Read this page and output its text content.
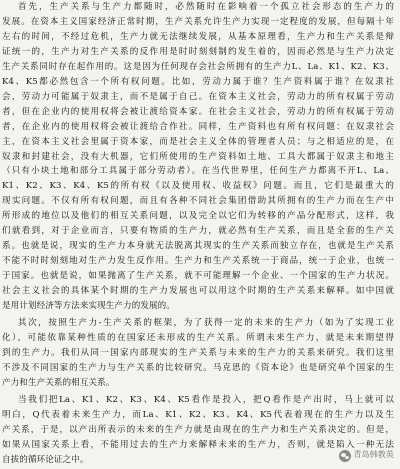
首先，生产关系与生产力都随时，必然随时在影响着一个孤立社会形态的生产力的
发展。在资本主义国家经济正常时期，生产关系允许生产力实现一定程度的发展，但每隔十年
左右的时间，不经过危机，生产力就无法继续发展，从基本原理看，生产力和生产关系是辩
证统一的，生产力对生产关系的反作用是时时刻刻制约发生着的，因而必然是与生产力决定
生产关系同时存在起作用的。这是因为任何现存会社会所拥有的生产力L、La、K1、K2、K3、
K4、K5都必然包含一个所有权问题。比如，劳动力属于谁？生产资料属于谁？在奴隶社
会，劳动力可能属于奴隶主，而不是属于自己。在资本主义社会，劳动力的所有权属于劳动
者，但在企业内的使用权将会被让渡给资本家。在社会主义社会，劳动力的所有权属于劳动
者，在企业内的使用权将会被让渡给合作社。同样，生产资料也有所有权问题：在奴隶社会
主，在资本主义社会里属于资本家，而是社会主义全体的管理者人员；与之相适应的是，在
奴隶和封建社会，没有大机器，它们所使用的生产资料如土地、工具大都属于奴隶主和地主
（只有小块土地和部分工具属于部分劳动者）。在当代世界里，任何生产力都离不开L、La、
K1、K2、K3、K4、K5的所有权《以及使用权、收益权》问题。而且，它们是最重大的
现实问题。不仅有所有权问题，而且有各种不同社会集团借助其所拥有的生产力而在生产中
所形成的地位以及他们的相互关系问题，以及完全以它们为转移的产品分配形式，这样，我
们就看到，对于企业而言，只要有物质的生产力，就必然有生产关系，而且是全套的生产关
系。也就是说，现实的生产力本身就无法脱离其现实的生产关系而独立存在，也就是生产关系
不能不时时刻刻地对生产力发生反作用。生产力和生产关系统一于商品，统一于企业，也统一
于国家。也就是说，如果抛离了生产关系，就不可能理解一个企业、一个国家的生产力状况。
社会主义社会的具体某个时期的生产力发展也可以用这个时期的生产关系来解释。如中国就
是用计划经济等方法来实现生产力的发展的。
其次，按照生产力-生产关系的框架，为了获得一定的未来的生产力（如为了实现工业
化），可能依靠某种性质的在国家还未形成的生产关系。所谓未来生产力，就是未来期望得
到的生产力。我们从同一国家内部现实的生产关系与未来的生产力的关系来研究。我们这里
不涉及不同国家的生产力与生产关系的比较研究。马克思的《资本论》也是研究单个国家的生
产力和生产关系的相互关系。
当我们把La、K1、K2、K3、K4、K5看作是投入，把Q看作是产出时，马上就可以
明白，Q代表着未来生产力，而La、K1、K2、K3、K4、K5代表着现在的生产力以及生
产关系，于是，以产出所表示的未来的生产力就是由现在的生产力和生产关系决定的。但是，
如果从国家关系上看，不能用过去的生产力来解释未来的生产力，否则，就是陷入一种无法
自拔的循环论证之中。
青岛韩教英
